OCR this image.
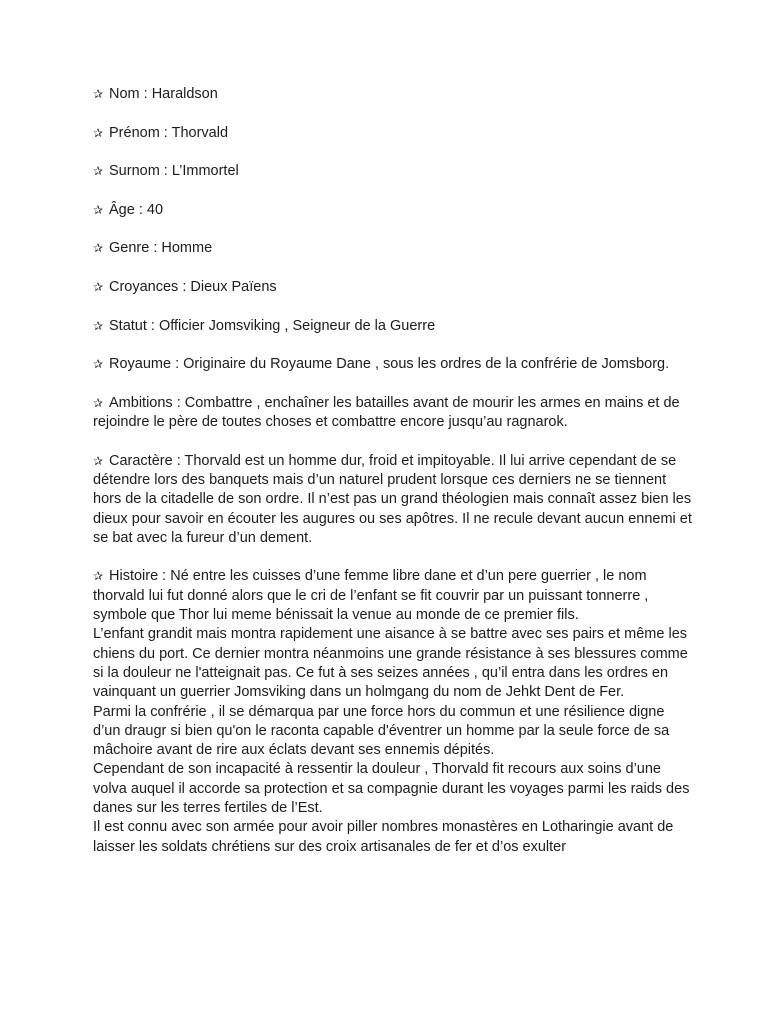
✰ Nom : Haraldson
✰ Prénom : Thorvald
✰ Surnom : L’Immortel
✰ Âge : 40
✰ Genre : Homme
✰ Croyances : Dieux Païens
✰ Statut : Officier Jomsviking , Seigneur de la Guerre
✰ Royaume : Originaire du Royaume Dane , sous les ordres de la confrérie de Jomsborg.
✰ Ambitions : Combattre , enchaîner les batailles avant de mourir les armes en mains et de rejoindre le père de toutes choses et combattre encore jusqu’au ragnarok.
✰ Caractère : Thorvald est un homme dur, froid et impitoyable. Il lui arrive cependant de se détendre lors des banquets mais d’un naturel prudent lorsque ces derniers ne se tiennent hors de la citadelle de son ordre. Il n’est pas un grand théologien mais connaît assez bien les dieux pour savoir en écouter les augures ou ses apôtres. Il ne recule devant aucun ennemi et se bat avec la fureur d’un dement.

✰ Histoire : Né entre les cuisses d’une femme libre dane et d’un pere guerrier , le nom thorvald lui fut donné alors que le cri de l’enfant se fit couvrir par un puissant tonnerre , symbole que Thor lui meme bénissait la venue au monde de ce premier fils.

L’enfant grandit mais montra rapidement une aisance à se battre avec ses pairs et même les chiens du port. Ce dernier montra néanmoins une grande résistance à ses blessures comme si la douleur ne l'atteignait pas. Ce fut à ses seizes années , qu’il entra dans les ordres en vainquant un guerrier Jomsviking dans un holmgang du nom de Jehkt Dent de Fer.

Parmi la confrérie , il se démarqua par une force hors du commun et une résilience digne d’un draugr si bien qu'on le raconta capable d'éventrer un homme par la seule force de sa mâchoire avant de rire aux éclats devant ses ennemis dépités.

Cependant de son incapacité à ressentir la douleur , Thorvald fit recours aux soins d’une volva auquel il accorde sa protection et sa compagnie durant les voyages parmi les raids des danes sur les terres fertiles de l’Est.

Il est connu avec son armée pour avoir piller nombres monastères en Lotharingie avant de laisser les soldats chrétiens sur des croix artisanales de fer et d’os exulter
